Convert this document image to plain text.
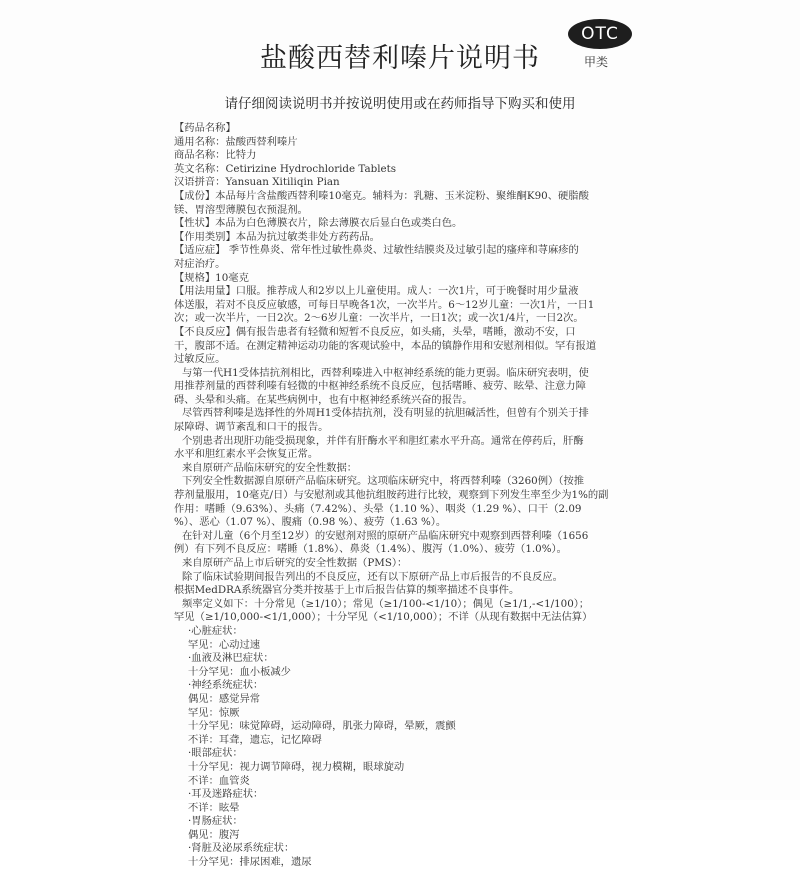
盐酸西替利嗪片说明书
OTC
甲类
请仔细阅读说明书并按说明使用或在药师指导下购买和使用
【药品名称】
通用名称：盐酸西替利嗪片
商品名称：比特力
英文名称：Cetirizine Hydrochloride Tablets
汉语拼音：Yansuan Xitiliqin Pian
【成份】本品每片含盐酸西替利嗪10毫克。辅料为：乳糖、玉米淀粉、聚维酮K90、硬脂酸
镁、胃溶型薄膜包衣预混剂。
【性状】本品为白色薄膜衣片，除去薄膜衣后显白色或类白色。
【作用类别】本品为抗过敏类非处方药药品。
【适应症】 季节性鼻炎、常年性过敏性鼻炎、过敏性结膜炎及过敏引起的瘙痒和荨麻疹的
对症治疗。
【规格】10毫克
【用法用量】口服。推荐成人和2岁以上儿童使用。成人：一次1片，可于晚餐时用少量液
体送服，若对不良反应敏感，可每日早晚各1次，一次半片。6～12岁儿童：一次1片，一日1
次；或一次半片，一日2次。2～6岁儿童：一次半片，一日1次；或一次1/4片，一日2次。
【不良反应】偶有报告患者有轻微和短暂不良反应，如头痛，头晕，嗜睡，激动不安，口
干，腹部不适。在测定精神运动功能的客观试验中，本品的镇静作用和安慰剂相似。罕有报道
过敏反应。
与第一代H1受体拮抗剂相比，西替利嗪进入中枢神经系统的能力更弱。临床研究表明，使
用推荐剂量的西替利嗪有轻微的中枢神经系统不良反应，包括嗜睡、疲劳、眩晕、注意力障
碍、头晕和头痛。在某些病例中，也有中枢神经系统兴奋的报告。
尽管西替利嗪是选择性的外周H1受体拮抗剂，没有明显的抗胆碱活性，但曾有个别关于排
尿障碍、调节紊乱和口干的报告。
个别患者出现肝功能受损现象，并伴有肝酶水平和胆红素水平升高。通常在停药后，肝酶
水平和胆红素水平会恢复正常。
来自原研产品临床研究的安全性数据：
下列安全性数据源自原研产品临床研究。这项临床研究中，将西替利嗪（3260例）（按推
荐剂量服用，10毫克/日）与安慰剂或其他抗组胺药进行比较，观察到下列发生率至少为1%的副
作用：嗜睡（9.63%）、头痛（7.42%）、头晕（1.10 %）、咽炎（1.29 %）、口干（2.09
%）、恶心（1.07 %）、腹痛（0.98 %）、疲劳（1.63 %）。
在针对儿童（6个月至12岁）的安慰剂对照的原研产品临床研究中观察到西替利嗪（1656
例）有下列不良反应：嗜睡（1.8%）、鼻炎（1.4%）、腹泻（1.0%）、疲劳（1.0%）。
来自原研产品上市后研究的安全性数据（PMS）：
除了临床试验期间报告列出的不良反应，还有以下原研产品上市后报告的不良反应。
根据MedDRA系统器官分类并按基于上市后报告估算的频率描述不良事件。
频率定义如下：十分常见（≥1/10）；常见（≥1/100-<1/10）；偶见（≥1/1,-<1/100）；
罕见（≥1/10,000-<1/1,000）；十分罕见（<1/10,000）；不详（从现有数据中无法估算）
·心脏症状：
罕见：心动过速
·血液及淋巴症状：
十分罕见：血小板减少
·神经系统症状：
偶见：感觉异常
罕见：惊厥
十分罕见：味觉障碍，运动障碍，肌张力障碍，晕厥，震颤
不详：耳聋，遗忘，记忆障碍
·眼部症状：
十分罕见：视力调节障碍，视力模糊，眼球旋动
不详：血管炎
·耳及迷路症状：
不详：眩晕
·胃肠症状：
偶见：腹泻
·肾脏及泌尿系统症状：
十分罕见：排尿困难，遗尿
